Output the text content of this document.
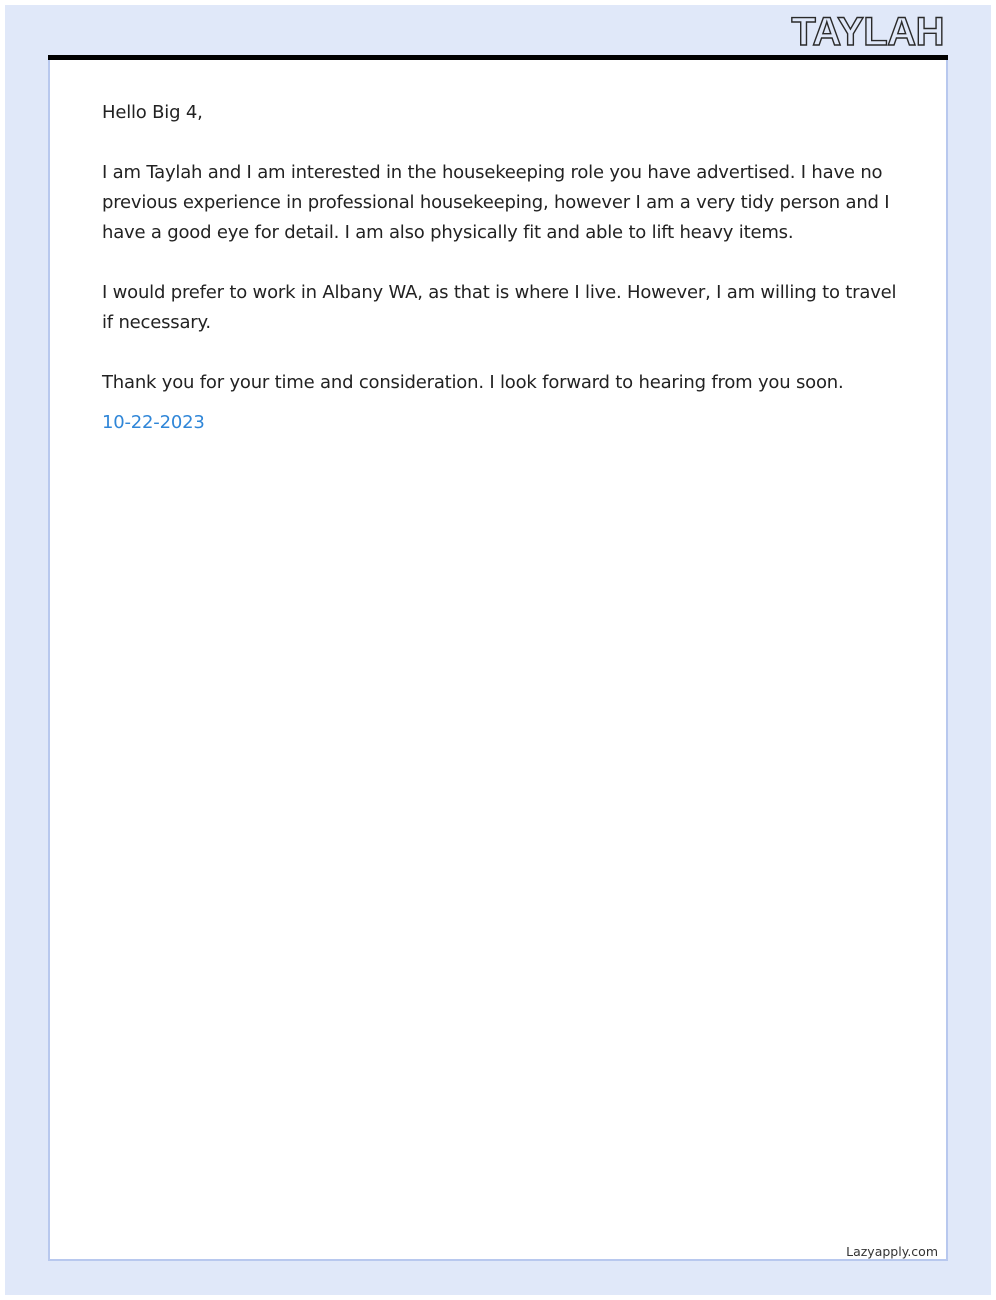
TAYLAH

Hello Big 4,

I am Taylah and I am interested in the housekeeping role you have advertised. I have no previous experience in professional housekeeping, however I am a very tidy person and I have a good eye for detail. I am also physically fit and able to lift heavy items.

I would prefer to work in Albany WA, as that is where I live. However, I am willing to travel if necessary.

Thank you for your time and consideration. I look forward to hearing from you soon.

10-22-2023
Lazyapply.com
